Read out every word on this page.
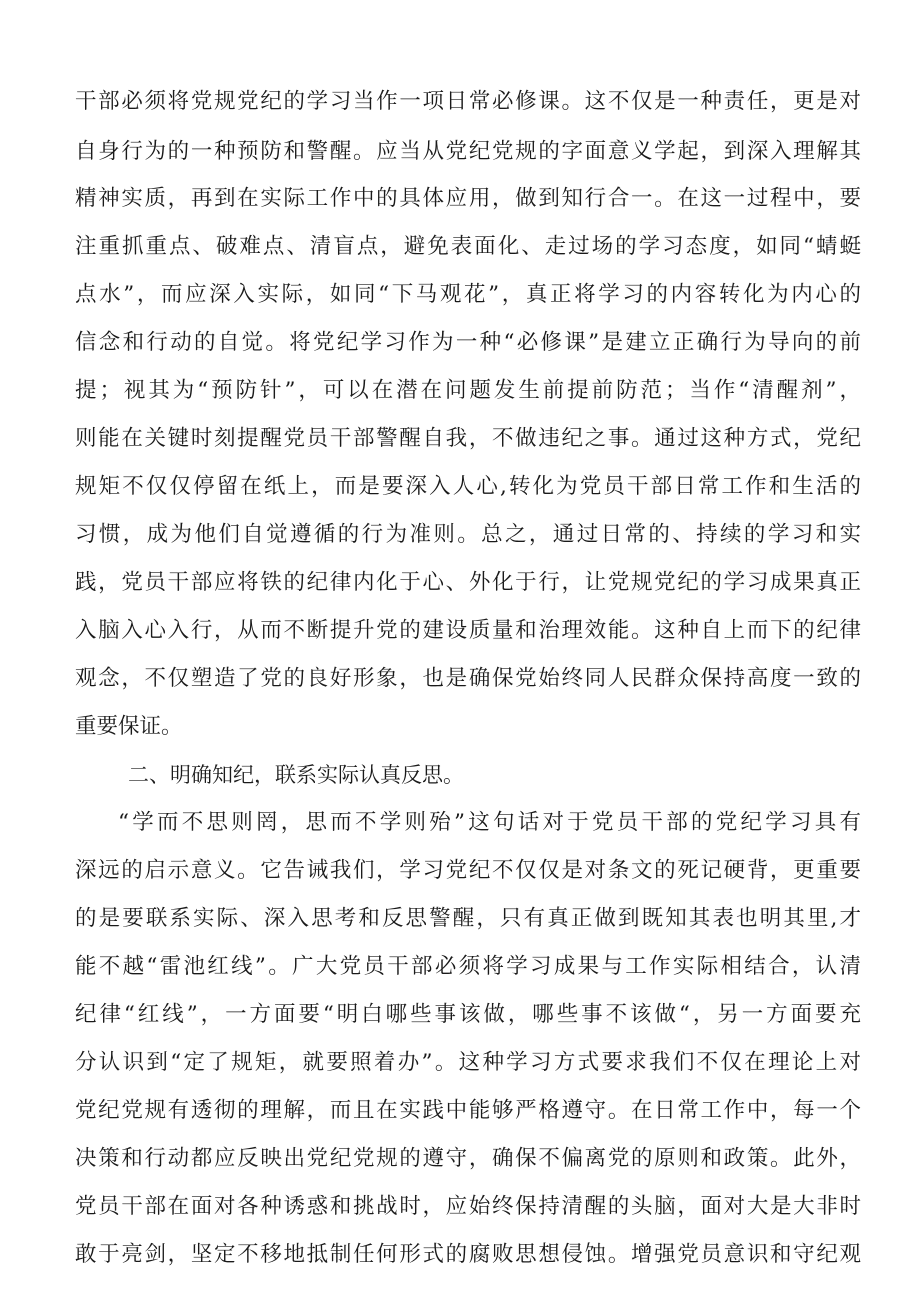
干部必须将党规党纪的学习当作一项日常必修课。这不仅是一种责任，更是对
自身行为的一种预防和警醒。应当从党纪党规的字面意义学起，到深入理解其
精神实质，再到在实际工作中的具体应用，做到知行合一。在这一过程中，要
注重抓重点、破难点、清盲点，避免表面化、走过场的学习态度，如同“蜻蜓
点水”，而应深入实际，如同“下马观花”，真正将学习的内容转化为内心的
信念和行动的自觉。将党纪学习作为一种“必修课”是建立正确行为导向的前
提；视其为“预防针”，可以在潜在问题发生前提前防范；当作“清醒剂”，
则能在关键时刻提醒党员干部警醒自我，不做违纪之事。通过这种方式，党纪
规矩不仅仅停留在纸上，而是要深入人心,转化为党员干部日常工作和生活的
习惯，成为他们自觉遵循的行为准则。总之，通过日常的、持续的学习和实
践，党员干部应将铁的纪律内化于心、外化于行，让党规党纪的学习成果真正
入脑入心入行，从而不断提升党的建设质量和治理效能。这种自上而下的纪律
观念，不仅塑造了党的良好形象，也是确保党始终同人民群众保持高度一致的
重要保证。
二、明确知纪，联系实际认真反思。
“学而不思则罔，思而不学则殆”这句话对于党员干部的党纪学习具有
深远的启示意义。它告诫我们，学习党纪不仅仅是对条文的死记硬背，更重要
的是要联系实际、深入思考和反思警醒，只有真正做到既知其表也明其里,才
能不越“雷池红线”。广大党员干部必须将学习成果与工作实际相结合，认清
纪律“红线”，一方面要“明白哪些事该做，哪些事不该做“，另一方面要充
分认识到“定了规矩，就要照着办”。这种学习方式要求我们不仅在理论上对
党纪党规有透彻的理解，而且在实践中能够严格遵守。在日常工作中，每一个
决策和行动都应反映出党纪党规的遵守，确保不偏离党的原则和政策。此外，
党员干部在面对各种诱惑和挑战时，应始终保持清醒的头脑，面对大是大非时
敢于亮剑，坚定不移地抵制任何形式的腐败思想侵蚀。增强党员意识和守纪观
